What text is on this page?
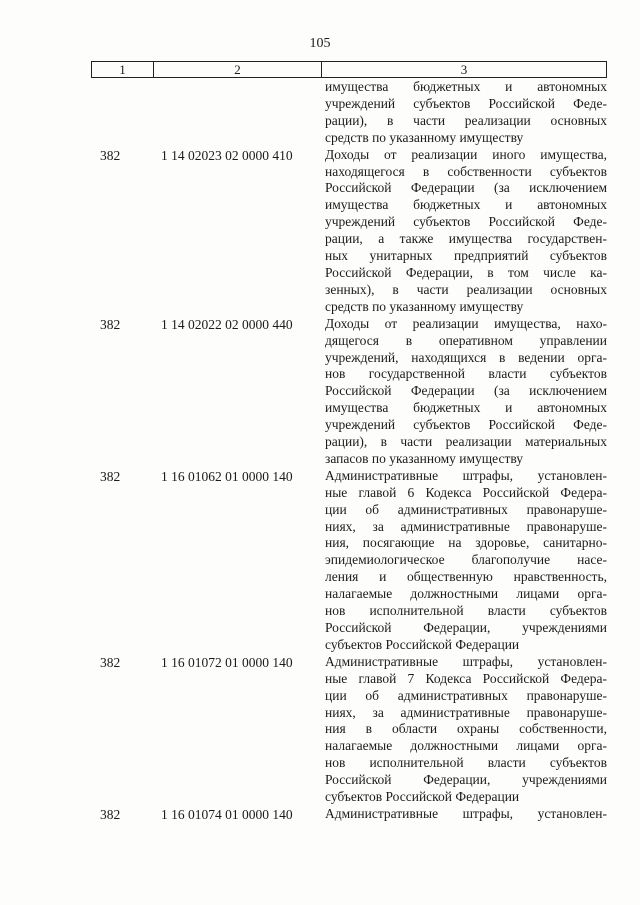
105
1	2	3
имущества бюджетных и автономных
учреждений субъектов Российской Феде-
рации), в части реализации основных
средств по указанному имуществу
382	1 14 02023 02 0000 410	Доходы от реализации иного имущества,
находящегося в собственности субъектов
Российской Федерации (за исключением
имущества бюджетных и автономных
учреждений субъектов Российской Феде-
рации, а также имущества государствен-
ных унитарных предприятий субъектов
Российской Федерации, в том числе ка-
зенных), в части реализации основных
средств по указанному имуществу
382	1 14 02022 02 0000 440	Доходы от реализации имущества, нахо-
дящегося в оперативном управлении
учреждений, находящихся в ведении орга-
нов государственной власти субъектов
Российской Федерации (за исключением
имущества бюджетных и автономных
учреждений субъектов Российской Феде-
рации), в части реализации материальных
запасов по указанному имуществу
382	1 16 01062 01 0000 140	Административные штрафы, установлен-
ные главой 6 Кодекса Российской Федера-
ции об административных правонаруше-
ниях, за административные правонаруше-
ния, посягающие на здоровье, санитарно-
эпидемиологическое благополучие насе-
ления и общественную нравственность,
налагаемые должностными лицами орга-
нов исполнительной власти субъектов
Российской Федерации, учреждениями
субъектов Российской Федерации
382	1 16 01072 01 0000 140	Административные штрафы, установлен-
ные главой 7 Кодекса Российской Федера-
ции об административных правонаруше-
ниях, за административные правонаруше-
ния в области охраны собственности,
налагаемые должностными лицами орга-
нов исполнительной власти субъектов
Российской Федерации, учреждениями
субъектов Российской Федерации
382	1 16 01074 01 0000 140	Административные штрафы, установлен-
